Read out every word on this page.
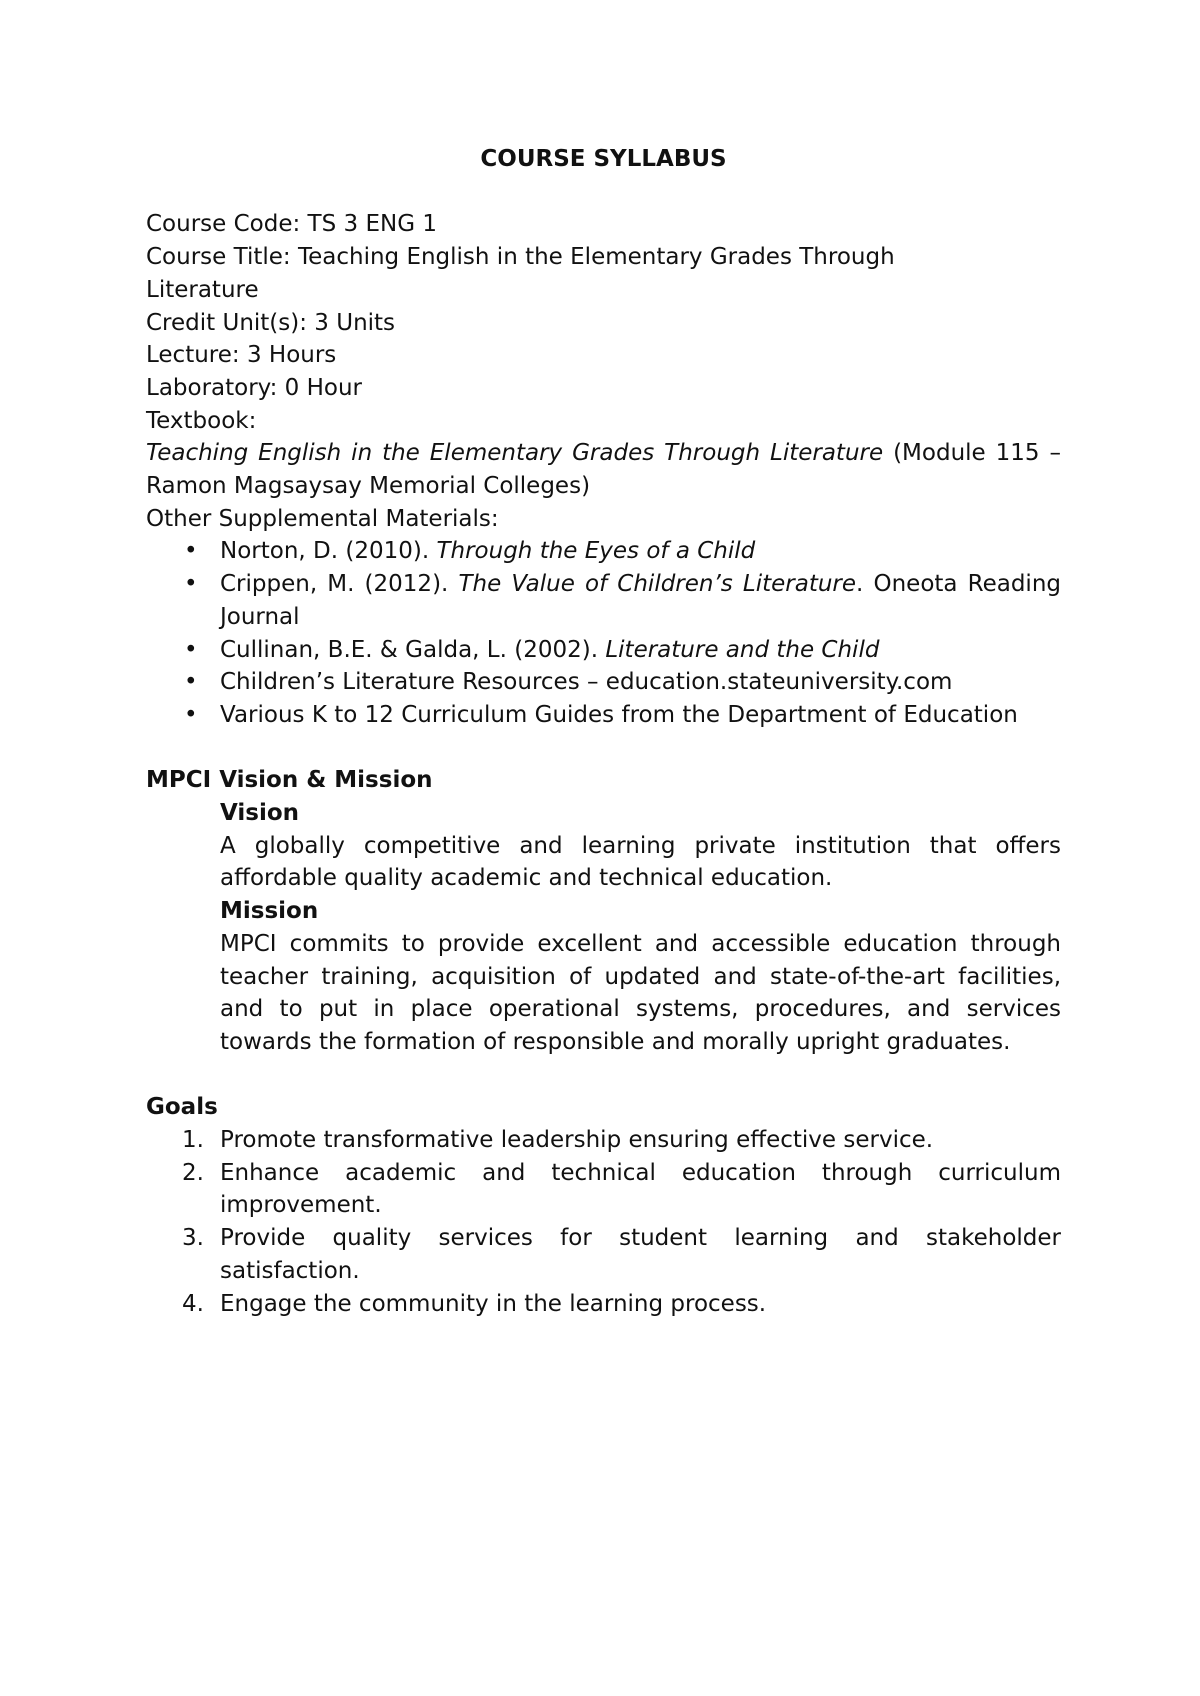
COURSE SYLLABUS

Course Code: TS 3 ENG 1

Course Title: Teaching English in the Elementary Grades Through

Literature

Credit Unit(s): 3 Units

Lecture: 3 Hours

Laboratory: 0 Hour

Textbook:

Teaching English in the Elementary Grades Through Literature (Module 115 – Ramon Magsaysay Memorial Colleges)

Other Supplemental Materials:

• Norton, D. (2010). Through the Eyes of a Child
• Crippen, M. (2012). The Value of Children’s Literature. Oneota Reading Journal
• Cullinan, B.E. & Galda, L. (2002). Literature and the Child
• Children’s Literature Resources – education.stateuniversity.com
• Various K to 12 Curriculum Guides from the Department of Education

MPCI Vision & Mission

Vision

A globally competitive and learning private institution that offers affordable quality academic and technical education.

Mission

MPCI commits to provide excellent and accessible education through teacher training, acquisition of updated and state-of-the-art facilities, and to put in place operational systems, procedures, and services towards the formation of responsible and morally upright graduates.

Goals

1. Promote transformative leadership ensuring effective service.
2. Enhance academic and technical education through curriculum improvement.
3. Provide quality services for student learning and stakeholder satisfaction.
4. Engage the community in the learning process.
